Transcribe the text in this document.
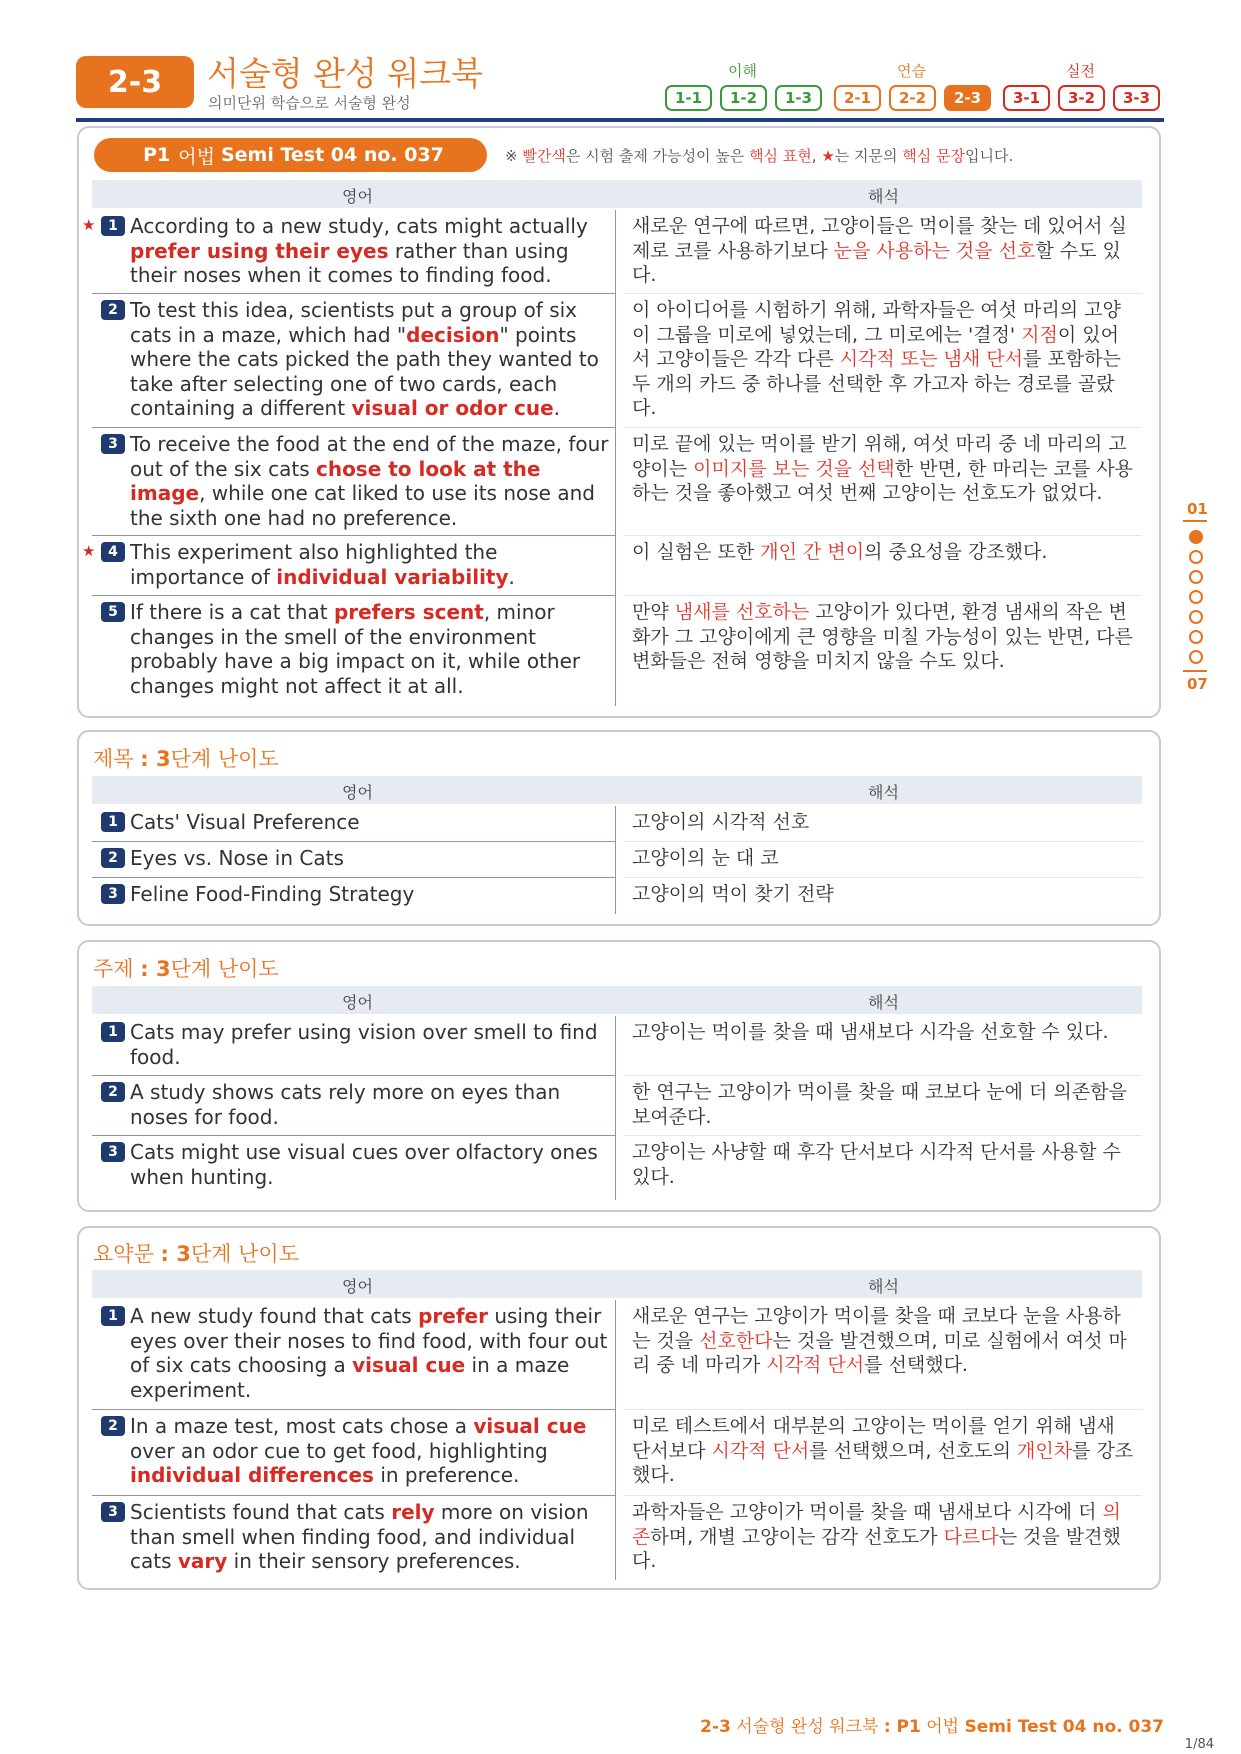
2-3	서술형 완성 워크북
의미단위 학습으로 서술형 완성
이해	연습	실전
1-1	1-2	1-3	2-1	2-2	2-3	3-1	3-2	3-3
P1 어법 Semi Test 04 no. 037	※ 빨간색은 시험 출제 가능성이 높은 핵심 표현, ★는 지문의 핵심 문장입니다.
영어	해석
★ 1 According to a new study, cats might actually prefer using their eyes rather than using their noses when it comes to finding food.
새로운 연구에 따르면, 고양이들은 먹이를 찾는 데 있어서 실제로 코를 사용하기보다 눈을 사용하는 것을 선호할 수도 있다.
2 To test this idea, scientists put a group of six cats in a maze, which had "decision" points where the cats picked the path they wanted to take after selecting one of two cards, each containing a different visual or odor cue.
이 아이디어를 시험하기 위해, 과학자들은 여섯 마리의 고양이 그룹을 미로에 넣었는데, 그 미로에는 '결정' 지점이 있어서 고양이들은 각각 다른 시각적 또는 냄새 단서를 포함하는 두 개의 카드 중 하나를 선택한 후 가고자 하는 경로를 골랐다.
3 To receive the food at the end of the maze, four out of the six cats chose to look at the image, while one cat liked to use its nose and the sixth one had no preference.
미로 끝에 있는 먹이를 받기 위해, 여섯 마리 중 네 마리의 고양이는 이미지를 보는 것을 선택한 반면, 한 마리는 코를 사용하는 것을 좋아했고 여섯 번째 고양이는 선호도가 없었다.
★ 4 This experiment also highlighted the importance of individual variability.
이 실험은 또한 개인 간 변이의 중요성을 강조했다.
5 If there is a cat that prefers scent, minor changes in the smell of the environment probably have a big impact on it, while other changes might not affect it at all.
만약 냄새를 선호하는 고양이가 있다면, 환경 냄새의 작은 변화가 그 고양이에게 큰 영향을 미칠 가능성이 있는 반면, 다른 변화들은 전혀 영향을 미치지 않을 수도 있다.
제목 : 3단계 난이도
영어	해석
1 Cats' Visual Preference	고양이의 시각적 선호
2 Eyes vs. Nose in Cats	고양이의 눈 대 코
3 Feline Food-Finding Strategy	고양이의 먹이 찾기 전략
주제 : 3단계 난이도
영어	해석
1 Cats may prefer using vision over smell to find food.
고양이는 먹이를 찾을 때 냄새보다 시각을 선호할 수 있다.
2 A study shows cats rely more on eyes than noses for food.
한 연구는 고양이가 먹이를 찾을 때 코보다 눈에 더 의존함을 보여준다.
3 Cats might use visual cues over olfactory ones when hunting.
고양이는 사냥할 때 후각 단서보다 시각적 단서를 사용할 수 있다.
요약문 : 3단계 난이도
영어	해석
1 A new study found that cats prefer using their eyes over their noses to find food, with four out of six cats choosing a visual cue in a maze experiment.
새로운 연구는 고양이가 먹이를 찾을 때 코보다 눈을 사용하는 것을 선호한다는 것을 발견했으며, 미로 실험에서 여섯 마리 중 네 마리가 시각적 단서를 선택했다.
2 In a maze test, most cats chose a visual cue over an odor cue to get food, highlighting individual differences in preference.
미로 테스트에서 대부분의 고양이는 먹이를 얻기 위해 냄새 단서보다 시각적 단서를 선택했으며, 선호도의 개인차를 강조했다.
3 Scientists found that cats rely more on vision than smell when finding food, and individual cats vary in their sensory preferences.
과학자들은 고양이가 먹이를 찾을 때 냄새보다 시각에 더 의존하며, 개별 고양이는 감각 선호도가 다르다는 것을 발견했다.
01
07
2-3 서술형 완성 워크북 : P1 어법 Semi Test 04 no. 037
1/84
